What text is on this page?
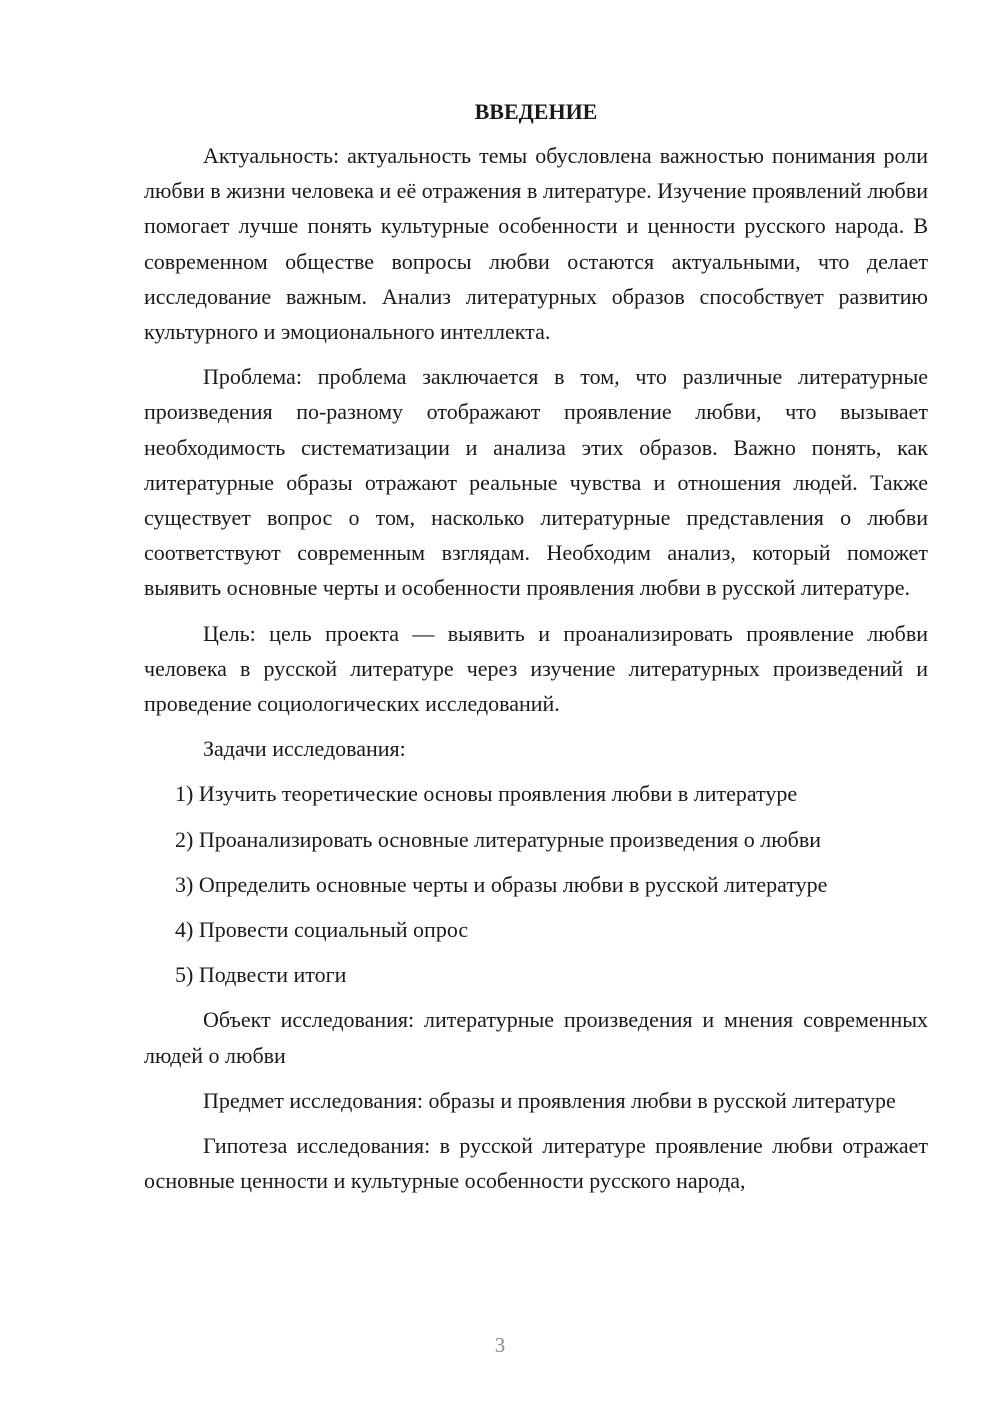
ВВЕДЕНИЕ

Актуальность: актуальность темы обусловлена важностью понимания роли любви в жизни человека и её отражения в литературе. Изучение проявлений любви помогает лучше понять культурные особенности и ценности русского народа. В современном обществе вопросы любви остаются актуальными, что делает исследование важным. Анализ литературных образов способствует развитию культурного и эмоционального интеллекта.

Проблема: проблема заключается в том, что различные литературные произведения по-разному отображают проявление любви, что вызывает необходимость систематизации и анализа этих образов. Важно понять, как литературные образы отражают реальные чувства и отношения людей. Также существует вопрос о том, насколько литературные представления о любви соответствуют современным взглядам. Необходим анализ, который поможет выявить основные черты и особенности проявления любви в русской литературе.

Цель: цель проекта — выявить и проанализировать проявление любви человека в русской литературе через изучение литературных произведений и проведение социологических исследований.

Задачи исследования:

1) Изучить теоретические основы проявления любви в литературе

2) Проанализировать основные литературные произведения о любви

3) Определить основные черты и образы любви в русской литературе

4) Провести социальный опрос

5) Подвести итоги

Объект исследования: литературные произведения и мнения современных людей о любви

Предмет исследования: образы и проявления любви в русской литературе

Гипотеза исследования: в русской литературе проявление любви отражает основные ценности и культурные особенности русского народа,

3
